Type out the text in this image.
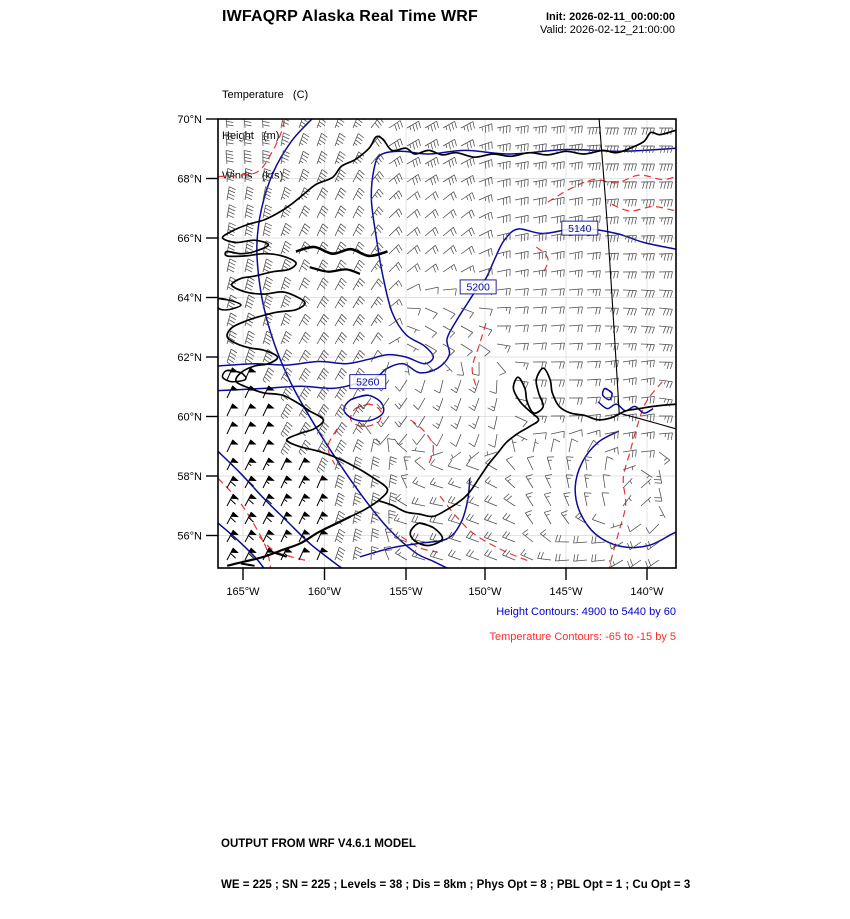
IWFAQRP Alaska Real Time WRF	Init: 2026-02-11_00:00:00
Valid: 2026-02-12_21:00:00

Temperature   (C)

Height   (m)

Winds   (kts)

5140
5200
5260
70°N
68°N
66°N
64°N
62°N
60°N
58°N
56°N
165°W	160°W	155°W	150°W	145°W	140°W
Height Contours: 4900 to 5440 by 60
Temperature Contours: -65 to -15 by 5

OUTPUT FROM WRF V4.6.1 MODEL

WE = 225 ; SN = 225 ; Levels = 38 ; Dis = 8km ; Phys Opt = 8 ; PBL Opt = 1 ; Cu Opt = 3
